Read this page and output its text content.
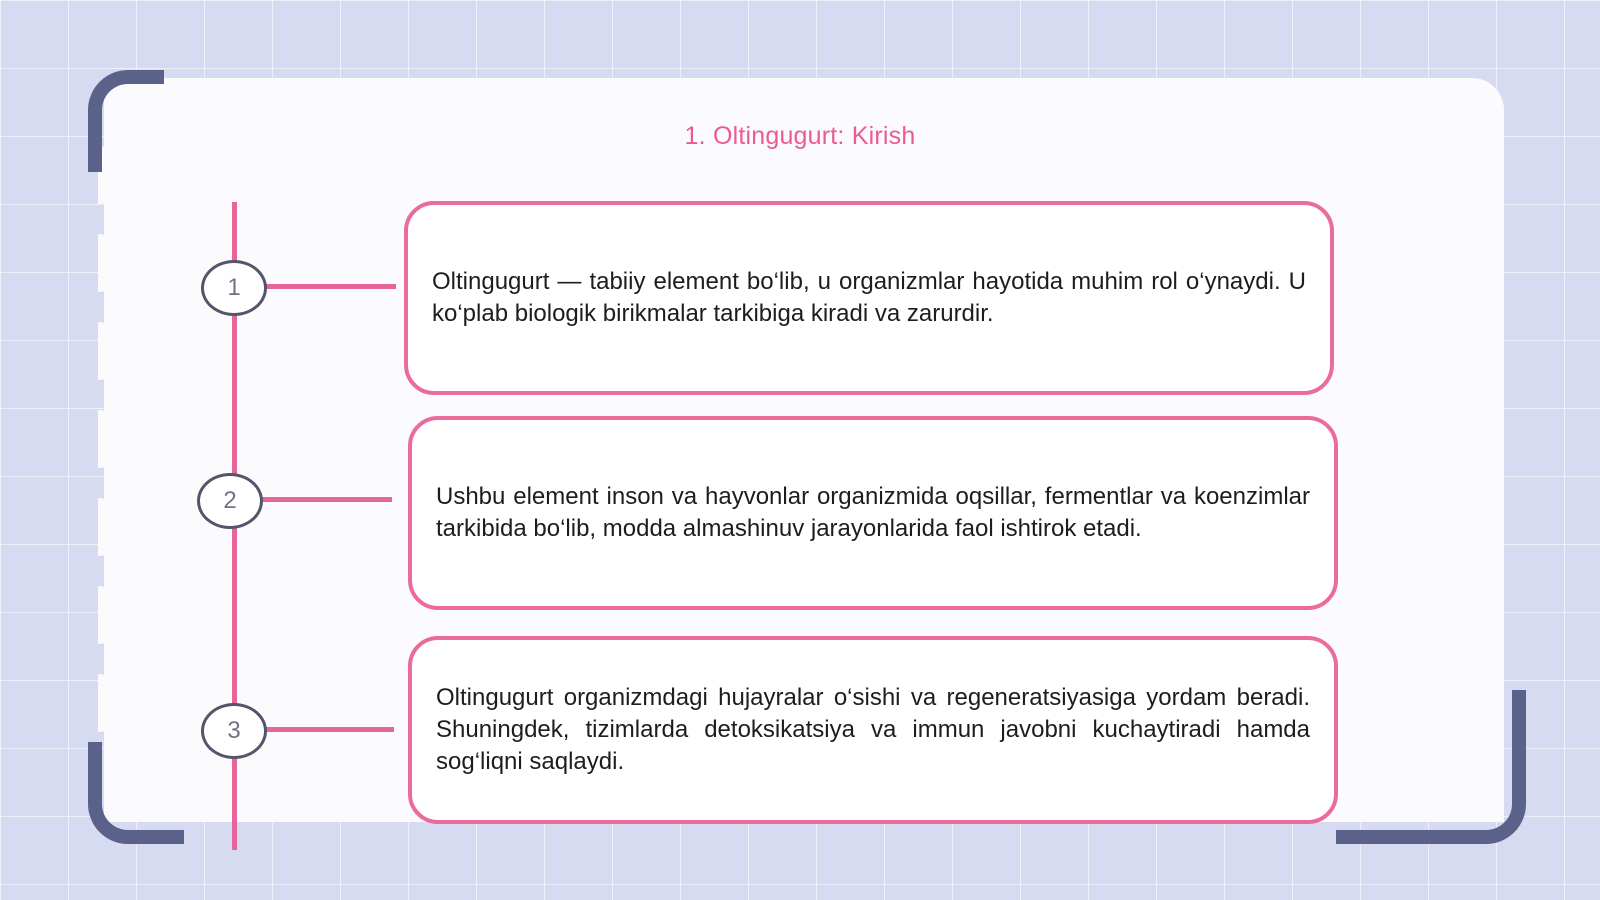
1. Oltingugurt: Kirish
1
2
3

Oltingugurt — tabiiy element bo‘lib, u organizmlar hayotida muhim rol o‘ynaydi. U ko‘plab biologik birikmalar tarkibiga kiradi va zarurdir.

Ushbu element inson va hayvonlar organizmida oqsillar, fermentlar va koenzimlar tarkibida bo‘lib, modda almashinuv jarayonlarida faol ishtirok etadi.

Oltingugurt organizmdagi hujayralar o‘sishi va regeneratsiyasiga yordam beradi. Shuningdek, tizimlarda detoksikatsiya va immun javobni kuchaytiradi hamda sog‘liqni saqlaydi.
